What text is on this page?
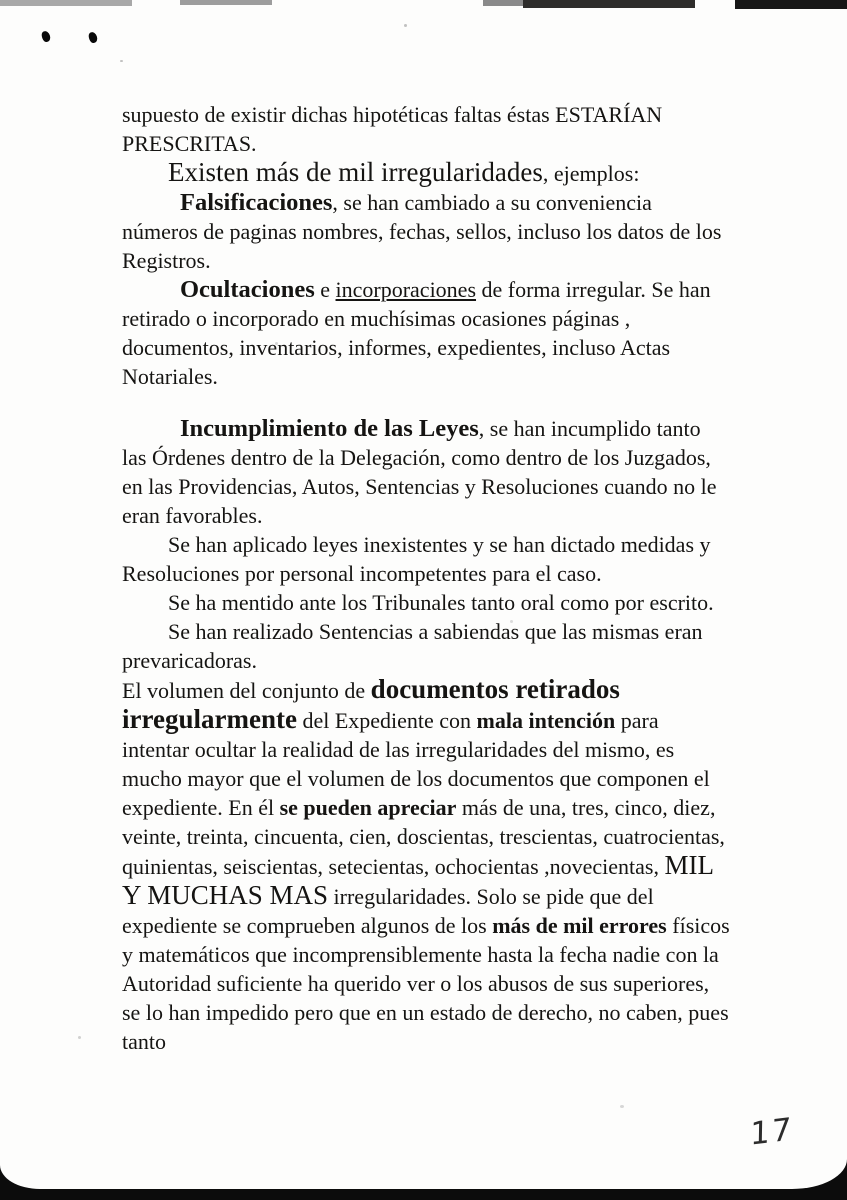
supuesto de existir dichas hipotéticas faltas éstas ESTARÍAN PRESCRITAS.

Existen más de mil irregularidades, ejemplos:

Falsificaciones, se han cambiado a su conveniencia números de paginas nombres, fechas, sellos, incluso los datos de los Registros.

Ocultaciones e incorporaciones de forma irregular. Se han retirado o incorporado en muchísimas ocasiones páginas , documentos, inventarios, informes, expedientes, incluso Actas Notariales.

Incumplimiento de las Leyes, se han incumplido tanto las Órdenes dentro de la Delegación, como dentro de los Juzgados, en las Providencias, Autos, Sentencias y Resoluciones cuando no le eran favorables.

Se han aplicado leyes inexistentes y se han dictado medidas y Resoluciones por personal incompetentes para el caso.

Se ha mentido ante los Tribunales tanto oral como por escrito.

Se han realizado Sentencias a sabiendas que las mismas eran prevaricadoras.

El volumen del conjunto de documentos retirados irregularmente del Expediente con mala intención para intentar ocultar la realidad de las irregularidades del mismo, es mucho mayor que el volumen de los documentos que componen el expediente. En él se pueden apreciar más de una, tres, cinco, diez, veinte, treinta, cincuenta, cien, doscientas, trescientas, cuatrocientas, quinientas, seiscientas, setecientas, ochocientas ,novecientas, MIL Y MUCHAS MAS irregularidades. Solo se pide que del expediente se comprueben algunos de los más de mil errores físicos y matemáticos que incomprensiblemente hasta la fecha nadie con la Autoridad suficiente ha querido ver o los abusos de sus superiores, se lo han impedido pero que en un estado de derecho, no caben, pues tanto

17
